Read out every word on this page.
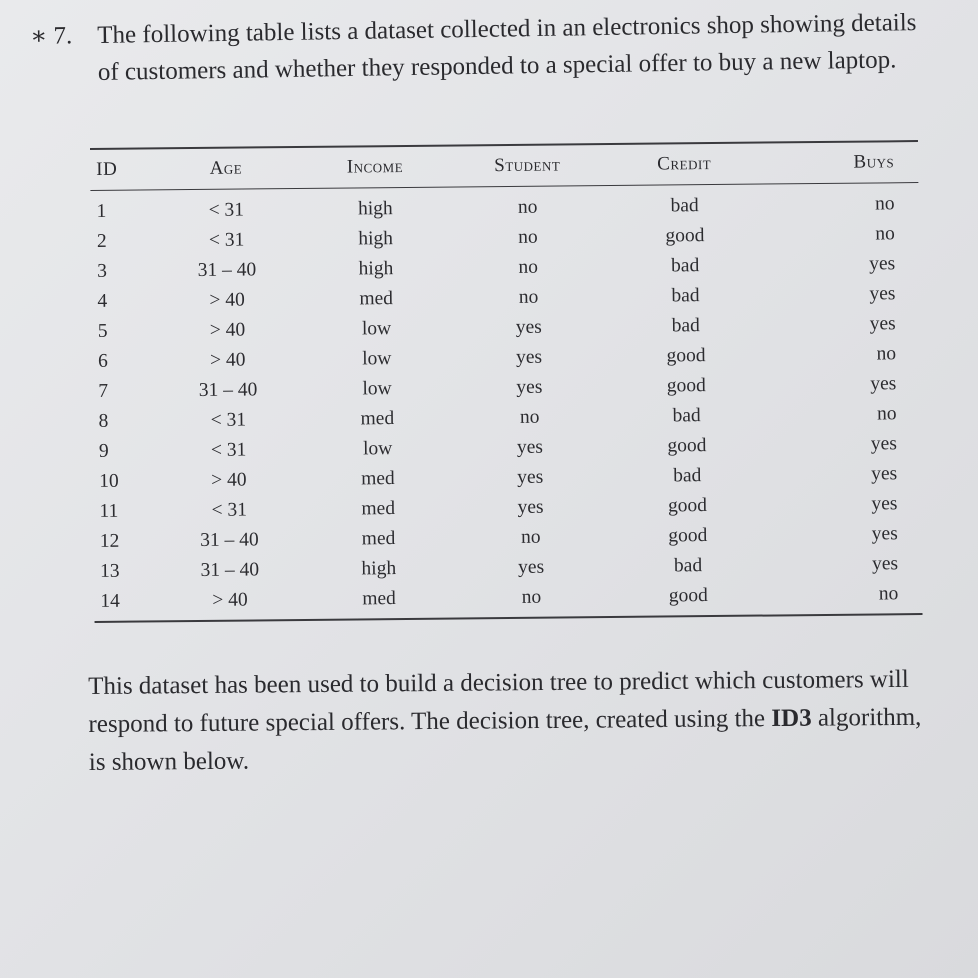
∗ 7. The following table lists a dataset collected in an electronics shop showing details of customers and whether they responded to a special offer to buy a new laptop.
ID	Age	Income	Student	Credit	Buys

1	< 31	high	no	bad	no
2	< 31	high	no	good	no
3	31 – 40	high	no	bad	yes
4	> 40	med	no	bad	yes
5	> 40	low	yes	bad	yes
6	> 40	low	yes	good	no
7	31 – 40	low	yes	good	yes
8	< 31	med	no	bad	no
9	< 31	low	yes	good	yes
10	> 40	med	yes	bad	yes
11	< 31	med	yes	good	yes
12	31 – 40	med	no	good	yes
13	31 – 40	high	yes	bad	yes
14	> 40	med	no	good	no
This dataset has been used to build a decision tree to predict which customers will respond to future special offers. The decision tree, created using the ID3 algorithm, is shown below.
